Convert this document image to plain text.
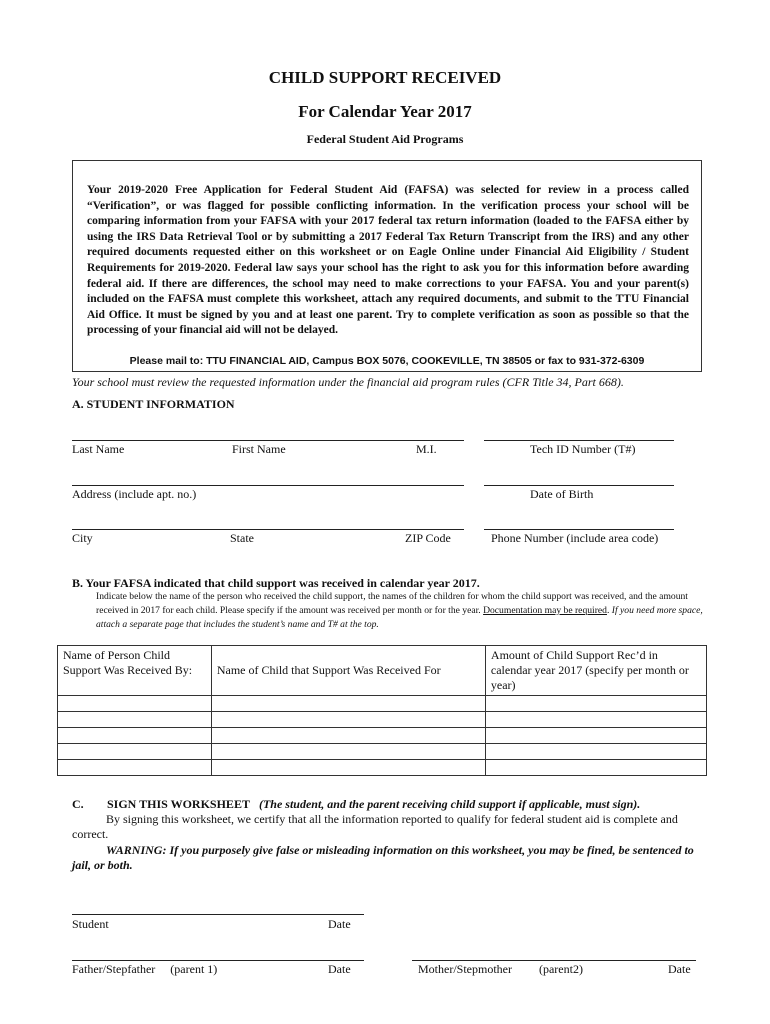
CHILD SUPPORT RECEIVED
For Calendar Year 2017
Federal Student Aid Programs
Your 2019-2020 Free Application for Federal Student Aid (FAFSA) was selected for review in a process called “Verification”, or was flagged for possible conflicting information. In the verification process your school will be comparing information from your FAFSA with your 2017 federal tax return information (loaded to the FAFSA either by using the IRS Data Retrieval Tool or by submitting a 2017 Federal Tax Return Transcript from the IRS) and any other required documents requested either on this worksheet or on Eagle Online under Financial Aid Eligibility / Student Requirements for 2019-2020. Federal law says your school has the right to ask you for this information before awarding federal aid. If there are differences, the school may need to make corrections to your FAFSA. You and your parent(s) included on the FAFSA must complete this worksheet, attach any required documents, and submit to the TTU Financial Aid Office. It must be signed by you and at least one parent. Try to complete verification as soon as possible so that the processing of your financial aid will not be delayed.
Please mail to: TTU FINANCIAL AID, Campus BOX 5076, COOKEVILLE, TN 38505 or fax to 931-372-6309
Your school must review the requested information under the financial aid program rules (CFR Title 34, Part 668).
A. STUDENT INFORMATION
Last Name	First Name	M.I.	Tech ID Number (T#)
Address (include apt. no.)	Date of Birth
City	State	ZIP Code	Phone Number (include area code)
B. Your FAFSA indicated that child support was received in calendar year 2017.
Indicate below the name of the person who received the child support, the names of the children for whom the child support was received, and the amount received in 2017 for each child. Please specify if the amount was received per month or for the year. Documentation may be required. If you need more space, attach a separate page that includes the student’s name and T# at the top.
Name of Person Child Support Was Received By:	Name of Child that Support Was Received For	Amount of Child Support Rec’d in calendar year 2017 (specify per month or year)

C. SIGN THIS WORKSHEET (The student, and the parent receiving child support if applicable, must sign).
By signing this worksheet, we certify that all the information reported to qualify for federal student aid is complete and correct.
WARNING: If you purposely give false or misleading information on this worksheet, you may be fined, be sentenced to jail, or both.
Student	Date
Father/Stepfather     (parent 1)	Date	Mother/Stepmother         (parent2)	Date
